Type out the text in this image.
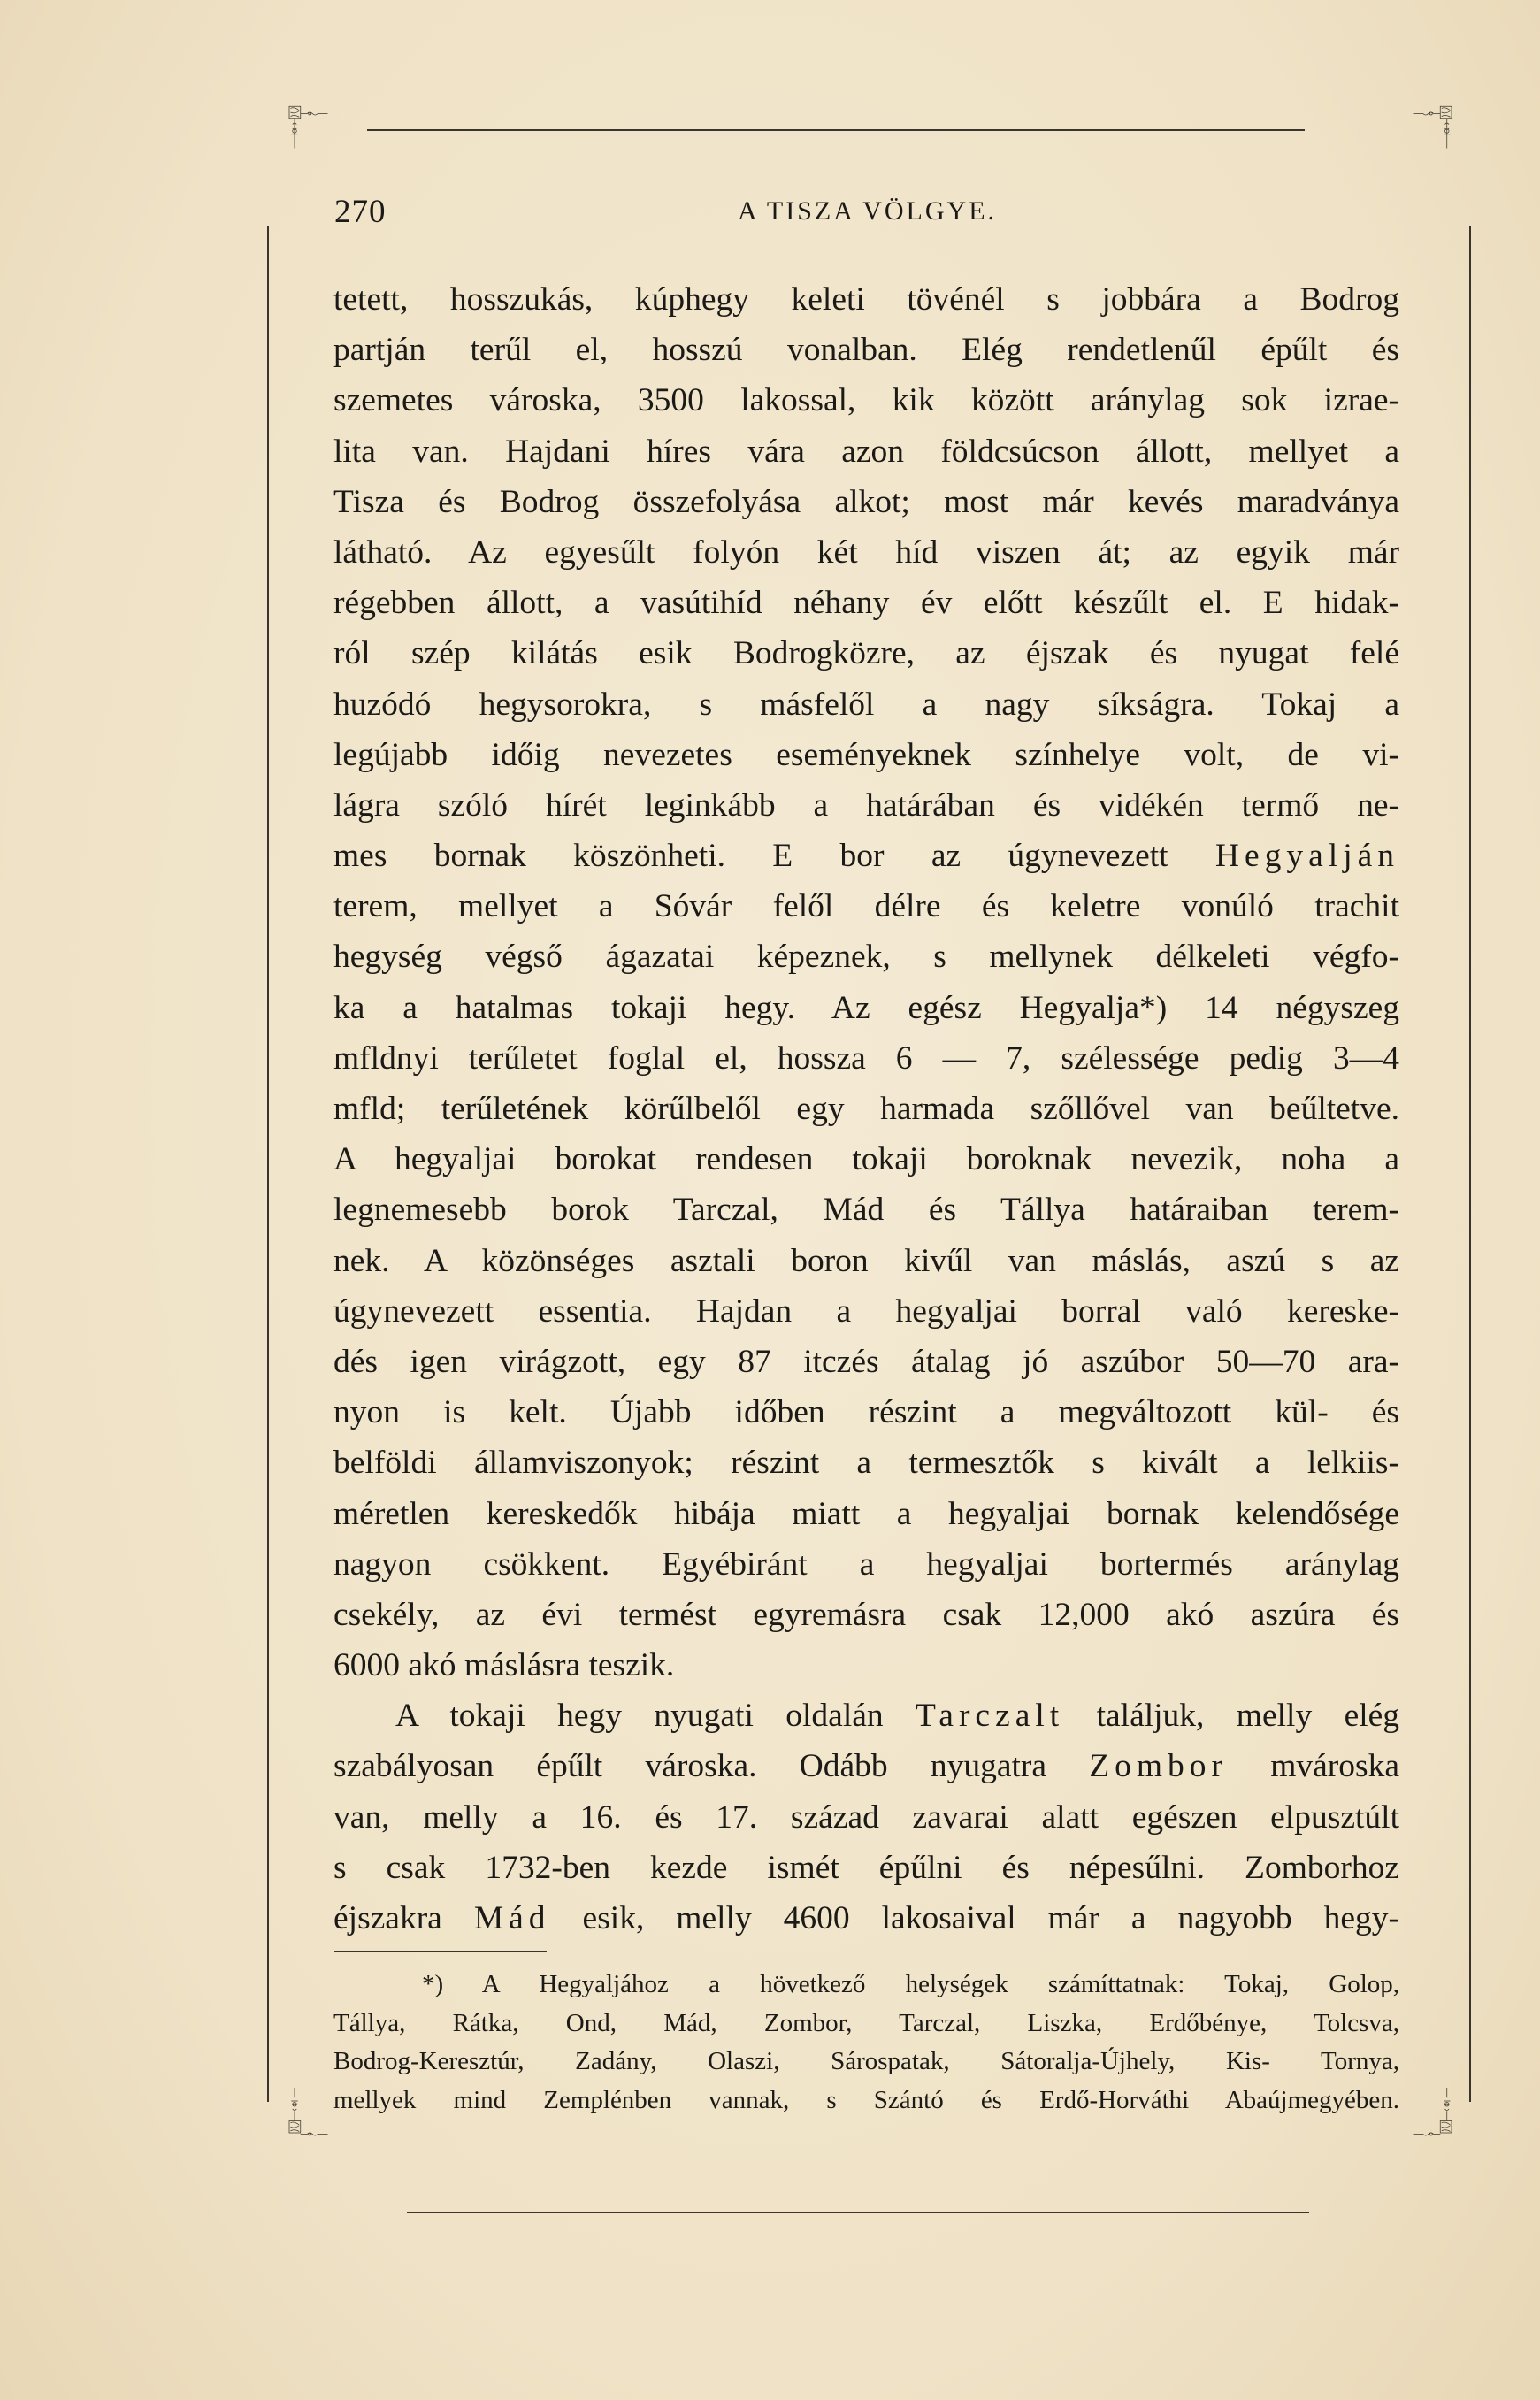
270	A TISZA VÖLGYE.
tetett, hosszukás, kúphegy keleti tövénél s jobbára a Bodrog
partján terűl el, hosszú vonalban. Elég rendetlenűl épűlt és
szemetes városka, 3500 lakossal, kik között aránylag sok izrae-
lita van. Hajdani híres vára azon földcsúcson állott, mellyet a
Tisza és Bodrog összefolyása alkot; most már kevés maradványa
látható. Az egyesűlt folyón két híd viszen át; az egyik már
régebben állott, a vasútihíd néhany év előtt készűlt el. E hidak-
ról szép kilátás esik Bodrogközre, az éjszak és nyugat felé
huzódó hegysorokra, s másfelől a nagy síkságra. Tokaj a
legújabb időig nevezetes eseményeknek színhelye volt, de vi-
lágra szóló hírét leginkább a határában és vidékén termő ne-
mes bornak köszönheti. E bor az úgynevezett Hegyalján
terem, mellyet a Sóvár felől délre és keletre vonúló trachit
hegység végső ágazatai képeznek, s mellynek délkeleti végfo-
ka a hatalmas tokaji hegy. Az egész Hegyalja*) 14 négyszeg
mfldnyi terűletet foglal el, hossza 6 — 7, szélessége pedig 3—4
mfld; terűletének körűlbelől egy harmada szőllővel van beűltetve.
A hegyaljai borokat rendesen tokaji boroknak nevezik, noha a
legnemesebb borok Tarczal, Mád és Tállya határaiban terem-
nek. A közönséges asztali boron kivűl van máslás, aszú s az
úgynevezett essentia. Hajdan a hegyaljai borral való kereske-
dés igen virágzott, egy 87 itczés átalag jó aszúbor 50—70 ara-
nyon is kelt. Újabb időben részint a megváltozott kül- és
belföldi államviszonyok; részint a termesztők s kivált a lelkiis-
méretlen kereskedők hibája miatt a hegyaljai bornak kelendősége
nagyon csökkent. Egyébiránt a hegyaljai bortermés aránylag
csekély, az évi termést egyremásra csak 12,000 akó aszúra és
6000 akó máslásra teszik.
A tokaji hegy nyugati oldalán Tarczalt találjuk, melly elég
szabályosan épűlt városka. Odább nyugatra Zombor mvároska
van, melly a 16. és 17. század zavarai alatt egészen elpusztúlt
s csak 1732-ben kezde ismét épűlni és népesűlni. Zomborhoz
éjszakra Mád esik, melly 4600 lakosaival már a nagyobb hegy-
*) A Hegyaljához a hövetkező helységek számíttatnak: Tokaj, Golop,
Tállya, Rátka, Ond, Mád, Zombor, Tarczal, Liszka, Erdőbénye, Tolcsva,
Bodrog-Keresztúr, Zadány, Olaszi, Sárospatak, Sátoralja-Újhely, Kis- Tornya,
mellyek mind Zemplénben vannak, s Szántó és Erdő-Horváthi Abaújmegyében.
